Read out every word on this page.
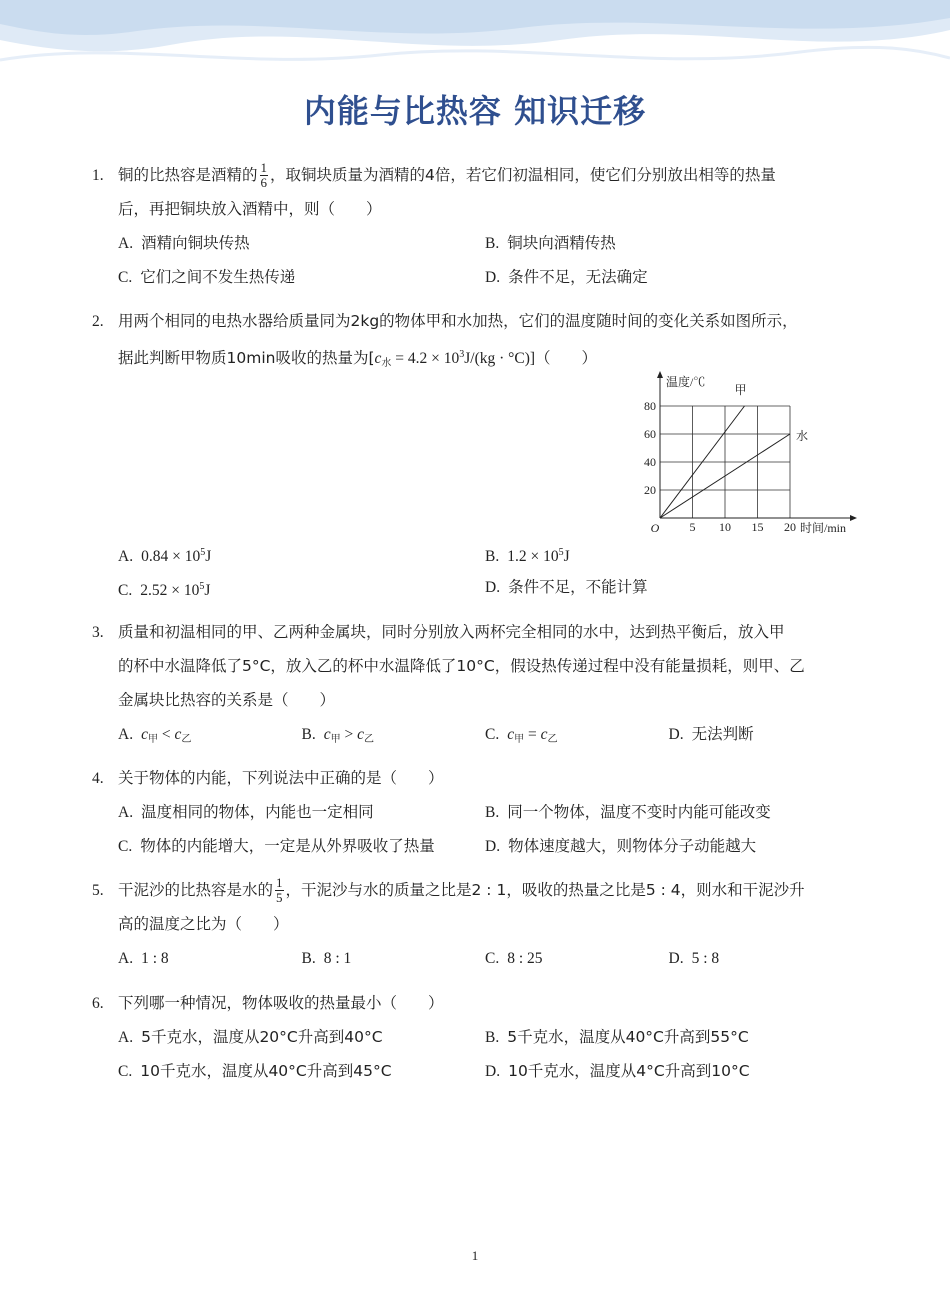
内能与比热容 知识迁移
1. 铜的比热容是酒精的 $\frac{1}{6}$ ，取铜块质量为酒精的4倍，若它们初温相同，使它们分别放出相等的热量
后，再把铜块放入酒精中，则（　　）
A. 酒精向铜块传热	B. 铜块向酒精传热
C. 它们之间不发生热传递	D. 条件不足，无法确定
2. 用两个相同的电热水器给质量同为2kg的物体甲和水加热，它们的温度随时间的变化关系如图所示，
据此判断甲物质10min吸收的热量为$[c_水 = 4.2 \times 10^3J/(kg \cdot ^\circ C)]$（　　）
甲
水
5 10 15 20
20
40
60
80
O
温度/℃
时间/min
A. $0.84 \times 10^5J$	B. $1.2 \times 10^5J$
C. $2.52 \times 10^5J$	D. 条件不足，不能计算
3. 质量和初温相同的甲、乙两种金属块，同时分别放入两杯完全相同的水中，达到热平衡后，放入甲
的杯中水温降低了5°C，放入乙的杯中水温降低了10°C，假设热传递过程中没有能量损耗，则甲、乙
金属块比热容的关系是（　　）
A. $c_甲 < c_乙$	B. $c_甲 > c_乙$	C. $c_甲 = c_乙$	D. 无法判断
4. 关于物体的内能，下列说法中正确的是（　　）
A. 温度相同的物体，内能也一定相同	B. 同一个物体，温度不变时内能可能改变
C. 物体的内能增大，一定是从外界吸收了热量	D. 物体速度越大，则物体分子动能越大
5. 干泥沙的比热容是水的 $\frac{1}{5}$ ，干泥沙与水的质量之比是2 : 1，吸收的热量之比是5 : 4，则水和干泥沙升
高的温度之比为（　　）
A. 1 : 8	B. 8 : 1	C. 8 : 25	D. 5 : 8
6. 下列哪一种情况，物体吸收的热量最小（　　）
A. 5千克水，温度从20°C升高到40°C	B. 5千克水，温度从40°C升高到55°C
C. 10千克水，温度从40°C升高到45°C	D. 10千克水，温度从4°C升高到10°C
1
